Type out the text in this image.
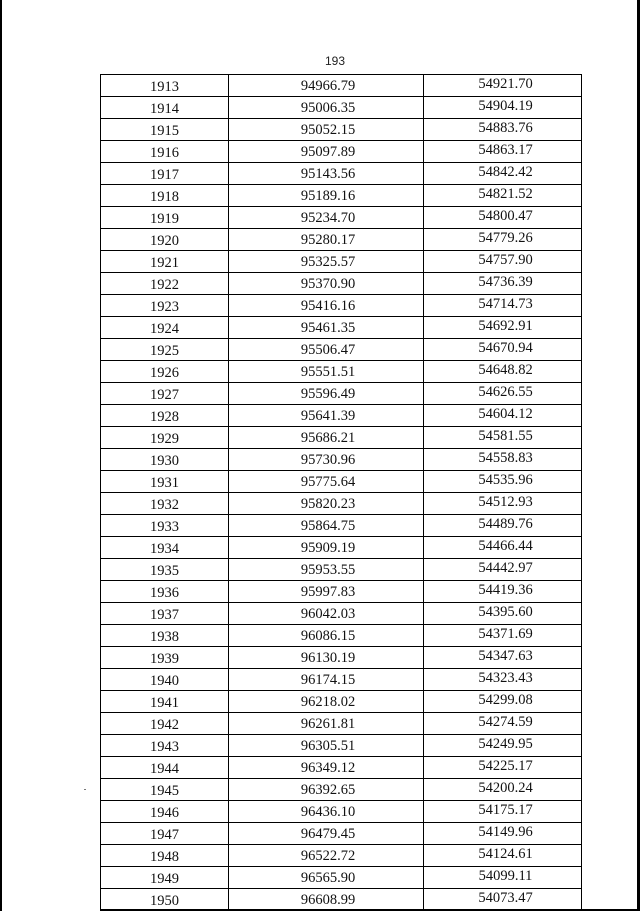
193
1913	94966.79	54921.70
1914	95006.35	54904.19
1915	95052.15	54883.76
1916	95097.89	54863.17
1917	95143.56	54842.42
1918	95189.16	54821.52
1919	95234.70	54800.47
1920	95280.17	54779.26
1921	95325.57	54757.90
1922	95370.90	54736.39
1923	95416.16	54714.73
1924	95461.35	54692.91
1925	95506.47	54670.94
1926	95551.51	54648.82
1927	95596.49	54626.55
1928	95641.39	54604.12
1929	95686.21	54581.55
1930	95730.96	54558.83
1931	95775.64	54535.96
1932	95820.23	54512.93
1933	95864.75	54489.76
1934	95909.19	54466.44
1935	95953.55	54442.97
1936	95997.83	54419.36
1937	96042.03	54395.60
1938	96086.15	54371.69
1939	96130.19	54347.63
1940	96174.15	54323.43
1941	96218.02	54299.08
1942	96261.81	54274.59
1943	96305.51	54249.95
1944	96349.12	54225.17
1945	96392.65	54200.24
1946	96436.10	54175.17
1947	96479.45	54149.96
1948	96522.72	54124.61
1949	96565.90	54099.11
1950	96608.99	54073.47
